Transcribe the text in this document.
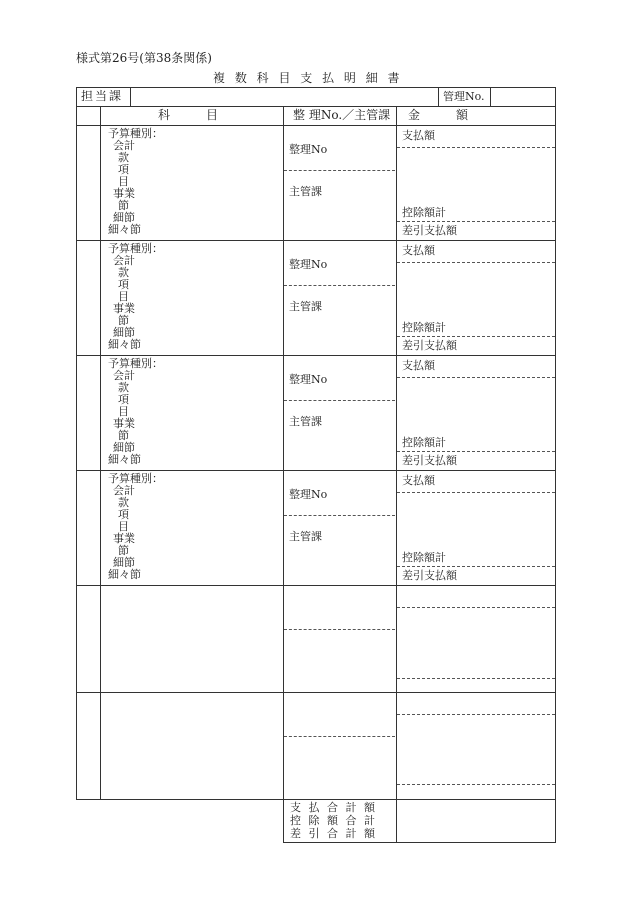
様式第26号(第38条関係)
複 数 科 目 支 払 明 細 書
担当課	管理No.
科　　　目	整 理No.／主管課 金　　　額
予算種別：
会計
款
項
目
事業
節
細節
細々節
整理No
主管課
支払額
控除額計
差引支払額
予算種別：
会計
款
項
目
事業
節
細節
細々節
整理No
主管課
支払額
控除額計
差引支払額
予算種別：
会計
款
項
目
事業
節
細節
細々節
整理No
主管課
支払額
控除額計
差引支払額
予算種別：
会計
款
項
目
事業
節
細節
細々節
整理No
主管課
支払額
控除額計
差引支払額
支 払 合 計 額
控 除 額 合 計
差 引 合 計 額
